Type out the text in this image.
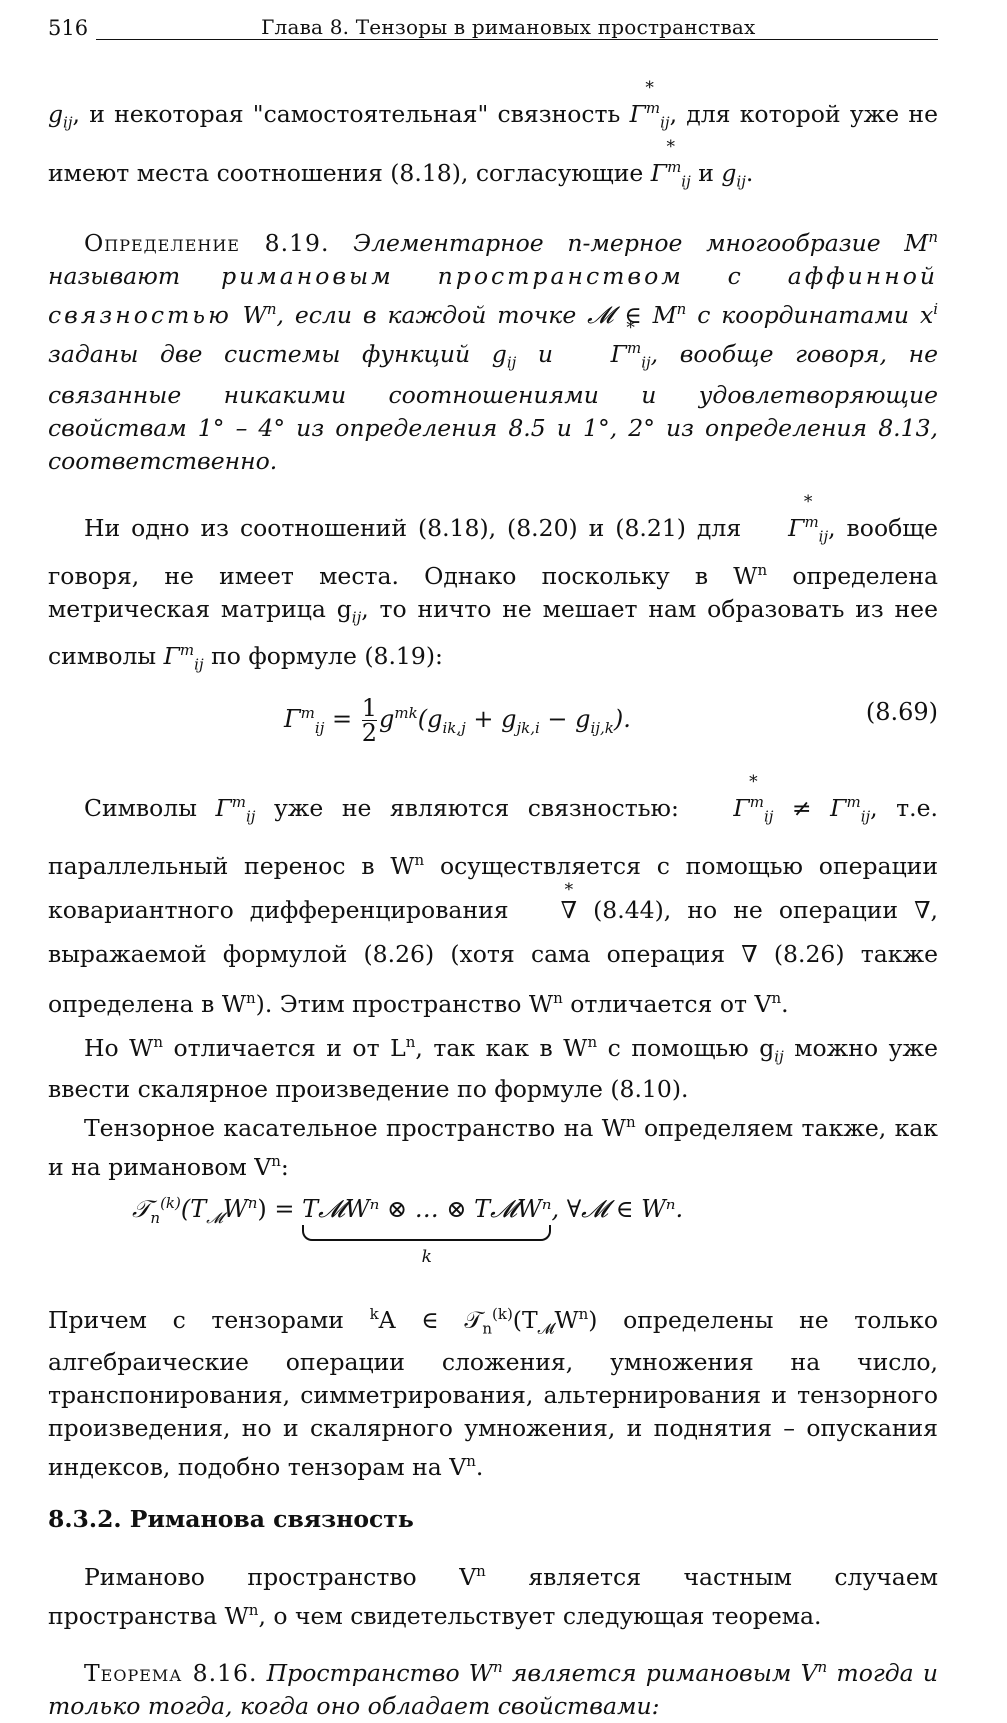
516	Глава 8. Тензоры в римановых пространствах

$g_{ij}$, и некоторая "самостоятельная" связность * $\Gamma^m_{ij}$, для которой уже не имеют места соотношения (8.18), согласующие * $\Gamma^m_{ij}$ и $g_{ij}$.

Определение 8.19. Элементарное n-мерное многообразие $M^n$ называют римановым пространством с аффинной связностью $W^n$, если в каждой точке 𝓜 ∈ $M^n$ с координатами $x^i$ заданы две системы функций $g_{ij}$ и * $\Gamma^m_{ij}$, вообще говоря, не связанные никакими соотношениями и удовлетворяющие свойствам 1° – 4° из определения 8.5 и 1°, 2° из определения 8.13, соответственно.

Ни одно из соотношений (8.18), (8.20) и (8.21) для * $\Gamma^m_{ij}$, вообще говоря, не имеет места. Однако поскольку в $W^n$ определена метрическая матрица $g_{ij}$, то ничто не мешает нам образовать из нее символы $\Gamma^m_{ij}$ по формуле (8.19):

$\Gamma^m_{ij} = \frac{1}{2} g^{mk}(g_{ik,j} + g_{jk,i} - g_{ij,k})$.	(8.69)

Символы $\Gamma^m_{ij}$ уже не являются связностью: * $\Gamma^m_{ij} \ne \Gamma^m_{ij}$, т.е. параллельный перенос в $W^n$ осуществляется с помощью операции ковариантного дифференцирования * ∇ (8.44), но не операции ∇, выражаемой формулой (8.26) (хотя сама операция ∇ (8.26) также определена в $W^n$). Этим пространство $W^n$ отличается от $V^n$.

Но $W^n$ отличается и от $L^n$, так как в $W^n$ с помощью $g_{ij}$ можно уже ввести скалярное произведение по формуле (8.10).

Тензорное касательное пространство на $W^n$ определяем также, как и на римановом $V^n$:

$𝒯_n^{(k)}(T_𝓜W^n)$ = T𝓜Wⁿ ⊗ … ⊗ T𝓜Wⁿ
k
, ∀𝓜 ∈ Wⁿ.

Причем с тензорами $^k$A ∈ $𝒯_n^{(k)}(T_𝓜W^n)$ определены не только алгебраические операции сложения, умножения на число, транспонирования, симметрирования, альтернирования и тензорного произведения, но и скалярного умножения, и поднятия – опускания индексов, подобно тензорам на $V^n$.

8.3.2. Риманова связность

Риманово пространство $V^n$ является частным случаем пространства $W^n$, о чем свидетельствует следующая теорема.

Теорема 8.16. Пространство $W^n$ является римановым $V^n$ тогда и только тогда, когда оно обладает свойствами:
